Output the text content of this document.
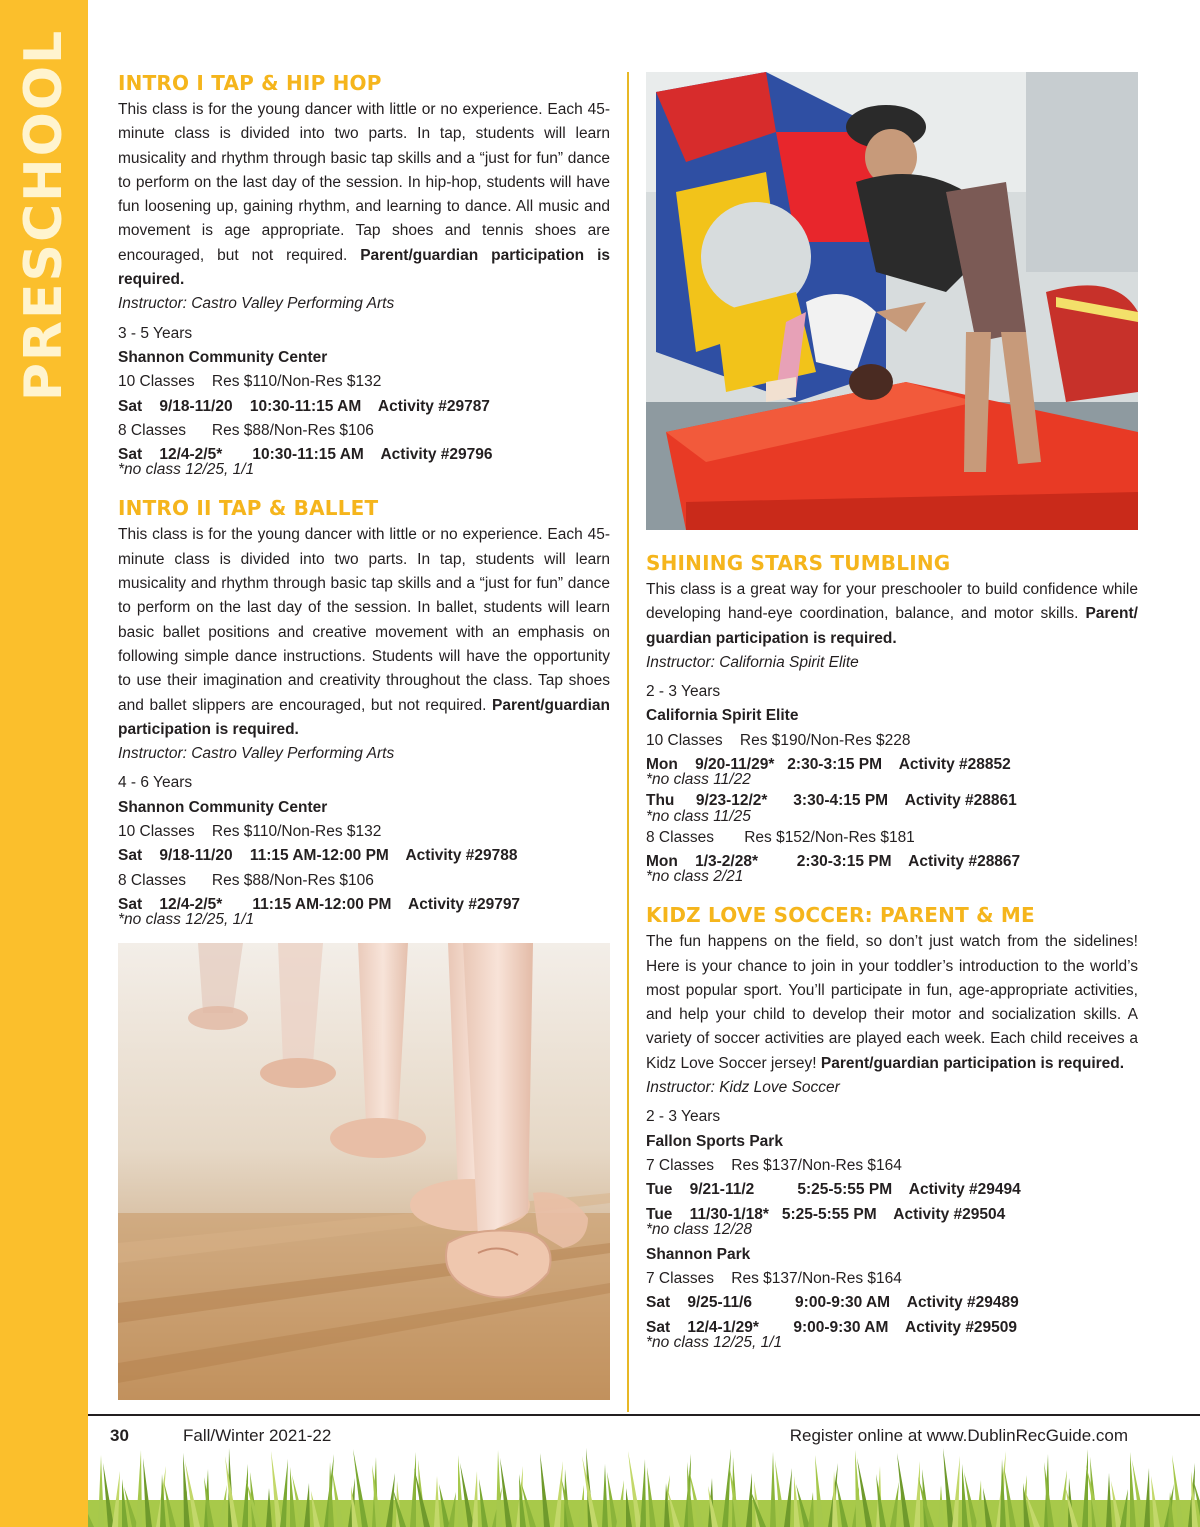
PRESCHOOL INTRO I TAP & HIP HOP

This class is for the young dancer with little or no experience. Each 45-minute class is divided into two parts. In tap, students will learn musicality and rhythm through basic tap skills and a “just for fun” dance to perform on the last day of the session. In hip-hop, students will have fun loosening up, gaining rhythm, and learning to dance. All music and movement is age appropriate. Tap shoes and tennis shoes are encouraged, but not required. Parent/guardian participation is required.

Instructor: Castro Valley Performing Arts

3 - 5 Years

Shannon Community Center

10 Classes    Res $110/Non-Res $132

Sat    9/18-11/20    10:30-11:15 AM    Activity #29787

8 Classes      Res $88/Non-Res $106

Sat    12/4-2/5*       10:30-11:15 AM    Activity #29796

*no class 12/25, 1/1

INTRO II TAP & BALLET

This class is for the young dancer with little or no experience. Each 45-minute class is divided into two parts. In tap, students will learn musicality and rhythm through basic tap skills and a “just for fun” dance to perform on the last day of the session. In ballet, students will learn basic ballet positions and creative movement with an emphasis on following simple dance instructions. Students will have the opportunity to use their imagination and creativity throughout the class. Tap shoes and ballet slippers are encouraged, but not required. Parent/guardian participation is required.

Instructor: Castro Valley Performing Arts

4 - 6 Years

Shannon Community Center

10 Classes    Res $110/Non-Res $132

Sat    9/18-11/20    11:15 AM-12:00 PM    Activity #29788

8 Classes      Res $88/Non-Res $106

Sat    12/4-2/5*       11:15 AM-12:00 PM    Activity #29797

*no class 12/25, 1/1

SHINING STARS TUMBLING

This class is a great way for your preschooler to build confidence while developing hand-eye coordination, balance, and motor skills. Parent/ guardian participation is required.

Instructor: California Spirit Elite

2 - 3 Years

California Spirit Elite

10 Classes    Res $190/Non-Res $228

Mon    9/20-11/29*   2:30-3:15 PM    Activity #28852

*no class 11/22

Thu     9/23-12/2*      3:30-4:15 PM    Activity #28861

*no class 11/25

8 Classes       Res $152/Non-Res $181

Mon    1/3-2/28*         2:30-3:15 PM    Activity #28867

*no class 2/21

KIDZ LOVE SOCCER: PARENT & ME

The fun happens on the field, so don’t just watch from the sidelines! Here is your chance to join in your toddler’s introduction to the world’s most popular sport. You’ll participate in fun, age-appropriate activities, and help your child to develop their motor and socialization skills. A variety of soccer activities are played each week. Each child receives a Kidz Love Soccer jersey! Parent/guardian participation is required.

Instructor: Kidz Love Soccer

2 - 3 Years

Fallon Sports Park

7 Classes    Res $137/Non-Res $164

Tue    9/21-11/2          5:25-5:55 PM    Activity #29494

Tue    11/30-1/18*   5:25-5:55 PM    Activity #29504

*no class 12/28

Shannon Park

7 Classes    Res $137/Non-Res $164

Sat    9/25-11/6          9:00-9:30 AM    Activity #29489

Sat    12/4-1/29*        9:00-9:30 AM    Activity #29509

*no class 12/25, 1/1

30	Fall/Winter 2021-22	Register online at www.DublinRecGuide.com
